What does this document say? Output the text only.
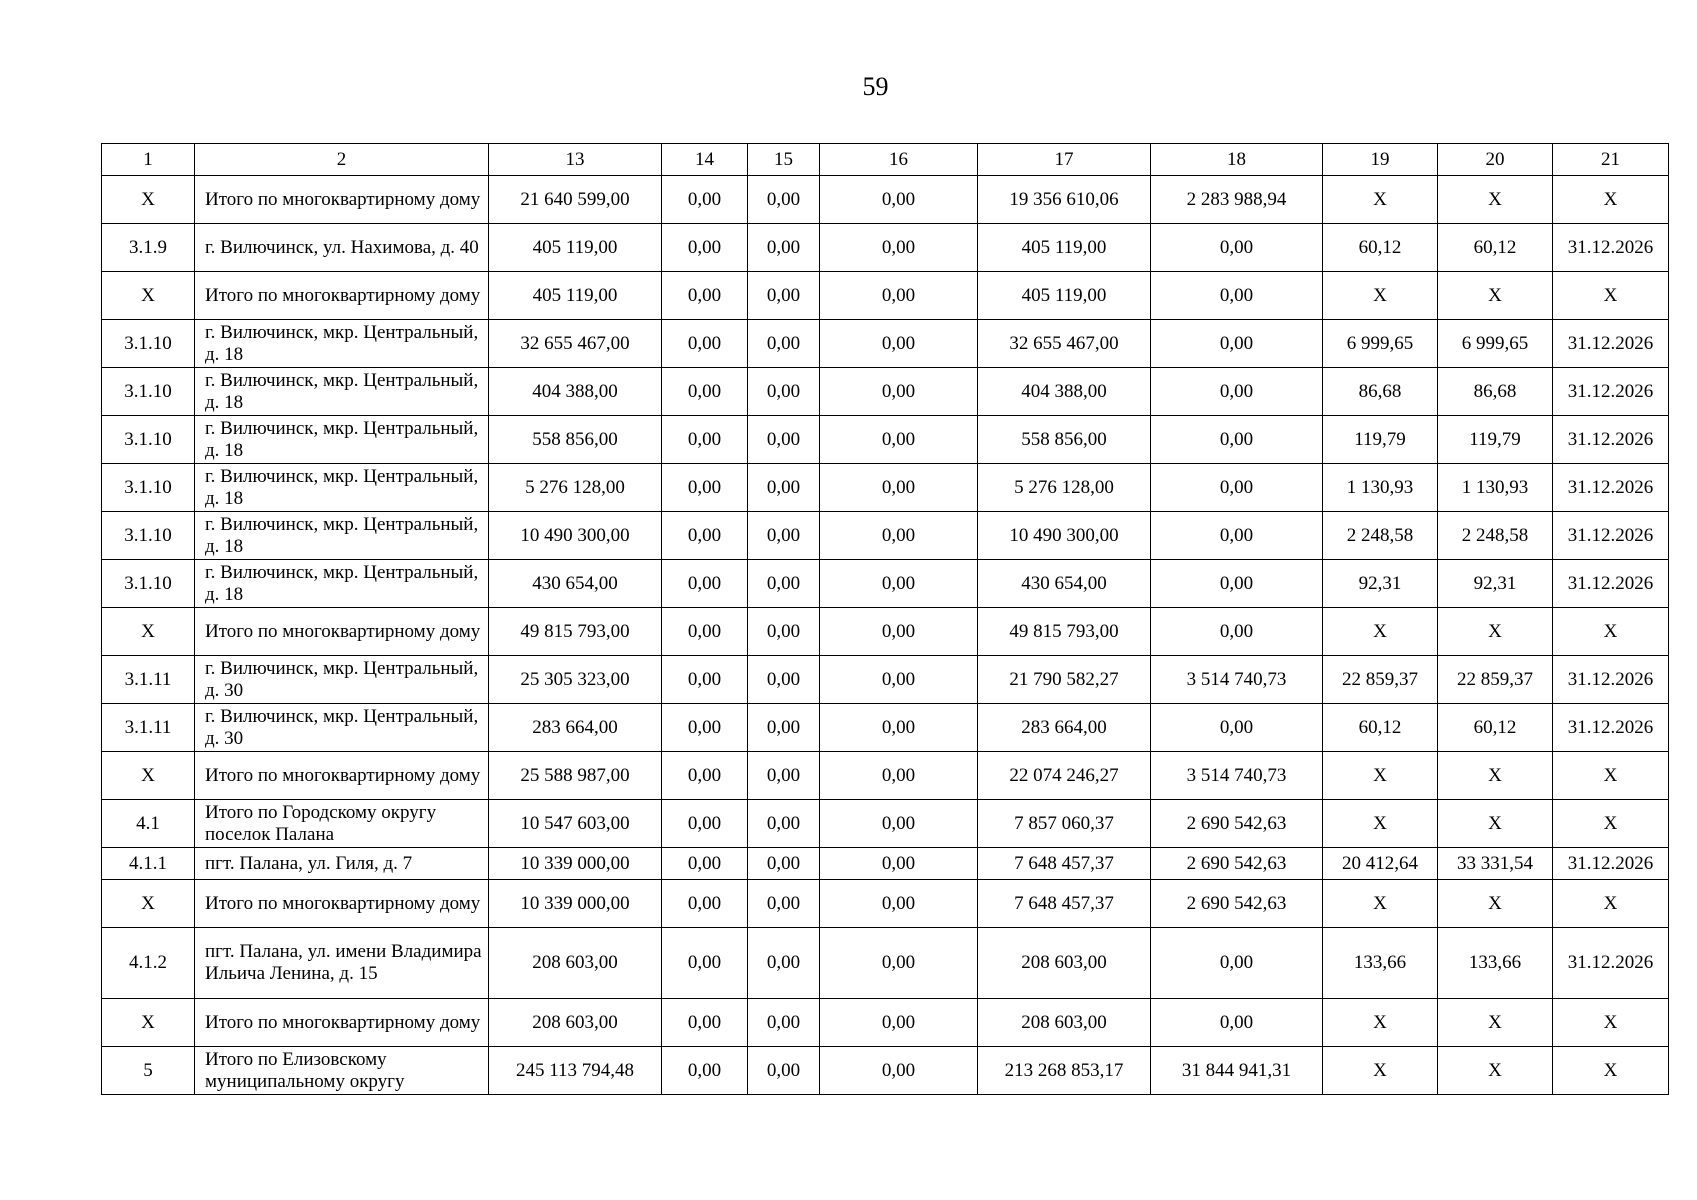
59
1	2	13	14	15	16	17	18	19	20	21
X	Итого по многоквартирному дому	21 640 599,00	0,00	0,00	0,00	19 356 610,06	2 283 988,94	X	X	X
3.1.9	г. Вилючинск, ул. Нахимова, д. 40	405 119,00	0,00	0,00	0,00	405 119,00	0,00	60,12	60,12	31.12.2026
X	Итого по многоквартирному дому	405 119,00	0,00	0,00	0,00	405 119,00	0,00	X	X	X
3.1.10	г. Вилючинск, мкр. Центральный, д. 18	32 655 467,00	0,00	0,00	0,00	32 655 467,00	0,00	6 999,65	6 999,65	31.12.2026
3.1.10	г. Вилючинск, мкр. Центральный, д. 18	404 388,00	0,00	0,00	0,00	404 388,00	0,00	86,68	86,68	31.12.2026
3.1.10	г. Вилючинск, мкр. Центральный, д. 18	558 856,00	0,00	0,00	0,00	558 856,00	0,00	119,79	119,79	31.12.2026
3.1.10	г. Вилючинск, мкр. Центральный, д. 18	5 276 128,00	0,00	0,00	0,00	5 276 128,00	0,00	1 130,93	1 130,93	31.12.2026
3.1.10	г. Вилючинск, мкр. Центральный, д. 18	10 490 300,00	0,00	0,00	0,00	10 490 300,00	0,00	2 248,58	2 248,58	31.12.2026
3.1.10	г. Вилючинск, мкр. Центральный, д. 18	430 654,00	0,00	0,00	0,00	430 654,00	0,00	92,31	92,31	31.12.2026
X	Итого по многоквартирному дому	49 815 793,00	0,00	0,00	0,00	49 815 793,00	0,00	X	X	X
3.1.11	г. Вилючинск, мкр. Центральный, д. 30	25 305 323,00	0,00	0,00	0,00	21 790 582,27	3 514 740,73	22 859,37	22 859,37	31.12.2026
3.1.11	г. Вилючинск, мкр. Центральный, д. 30	283 664,00	0,00	0,00	0,00	283 664,00	0,00	60,12	60,12	31.12.2026
X	Итого по многоквартирному дому	25 588 987,00	0,00	0,00	0,00	22 074 246,27	3 514 740,73	X	X	X
4.1	Итого по Городскому округу поселок Палана	10 547 603,00	0,00	0,00	0,00	7 857 060,37	2 690 542,63	X	X	X
4.1.1	пгт. Палана, ул. Гиля, д. 7	10 339 000,00	0,00	0,00	0,00	7 648 457,37	2 690 542,63	20 412,64	33 331,54	31.12.2026
X	Итого по многоквартирному дому	10 339 000,00	0,00	0,00	0,00	7 648 457,37	2 690 542,63	X	X	X
4.1.2	пгт. Палана, ул. имени Владимира Ильича Ленина, д. 15	208 603,00	0,00	0,00	0,00	208 603,00	0,00	133,66	133,66	31.12.2026
X	Итого по многоквартирному дому	208 603,00	0,00	0,00	0,00	208 603,00	0,00	X	X	X
5	Итого по Елизовскому муниципальному округу	245 113 794,48	0,00	0,00	0,00	213 268 853,17	31 844 941,31	X	X	X
